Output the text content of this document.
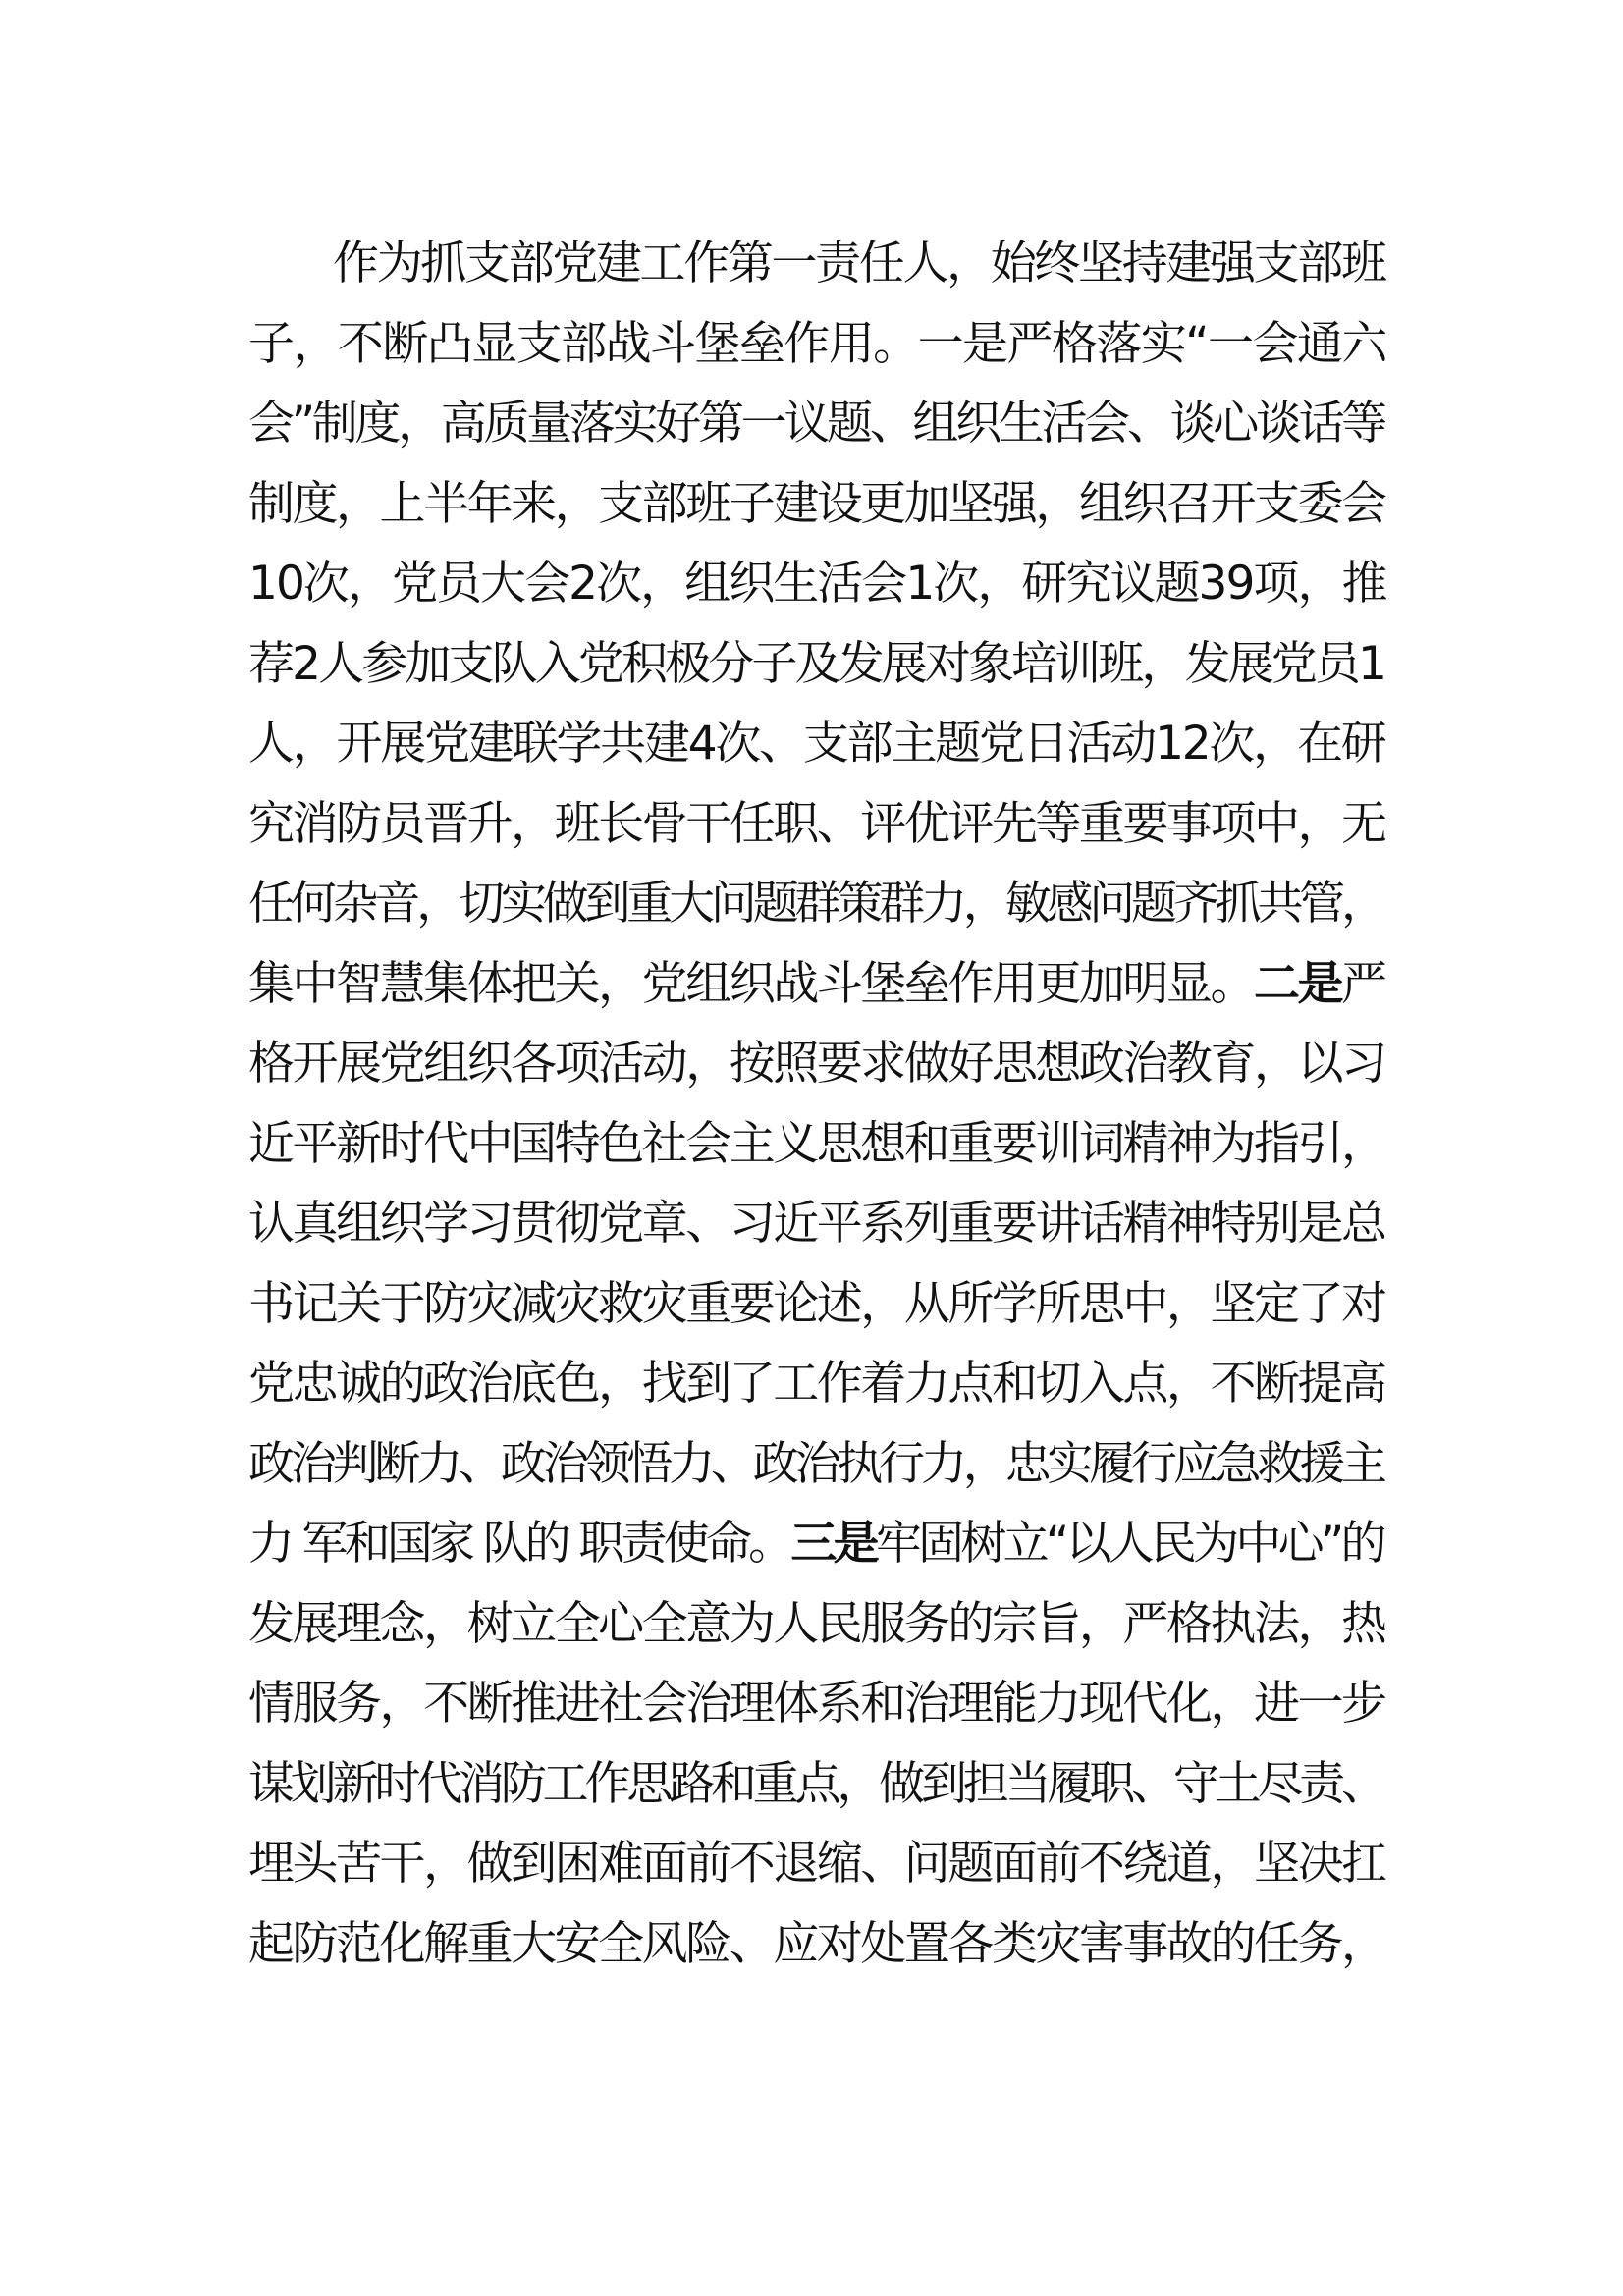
作为抓支部党建工作第一责任人，始终坚持建强支部班
子，不断凸显支部战斗堡垒作用。一是严格落实“一会通六
会”制度，高质量落实好第一议题、组织生活会、谈心谈话等
制度，上半年来，支部班子建设更加坚强，组织召开支委会
10次，党员大会2次，组织生活会1次，研究议题39项，推
荐2人参加支队入党积极分子及发展对象培训班，发展党员1
人，开展党建联学共建4次、支部主题党日活动12次，在研
究消防员晋升，班长骨干任职、评优评先等重要事项中，无
任何杂音，切实做到重大问题群策群力，敏感问题齐抓共管，
集中智慧集体把关，党组织战斗堡垒作用更加明显。二是严
格开展党组织各项活动，按照要求做好思想政治教育，以习
近平新时代中国特色社会主义思想和重要训词精神为指引，
认真组织学习贯彻党章、习近平系列重要讲话精神特别是总
书记关于防灾减灾救灾重要论述，从所学所思中，坚定了对
党忠诚的政治底色，找到了工作着力点和切入点，不断提高
政治判断力、政治领悟力、政治执行力，忠实履行应急救援主
力 军和国家 队的 职责使命。三是牢固树立“以人民为中心”的
发展理念，树立全心全意为人民服务的宗旨，严格执法，热
情服务，不断推进社会治理体系和治理能力现代化，进一步
谋划新时代消防工作思路和重点，做到担当履职、守土尽责、
埋头苦干，做到困难面前不退缩、问题面前不绕道，坚决扛
起防范化解重大安全风险、应对处置各类灾害事故的任务，
